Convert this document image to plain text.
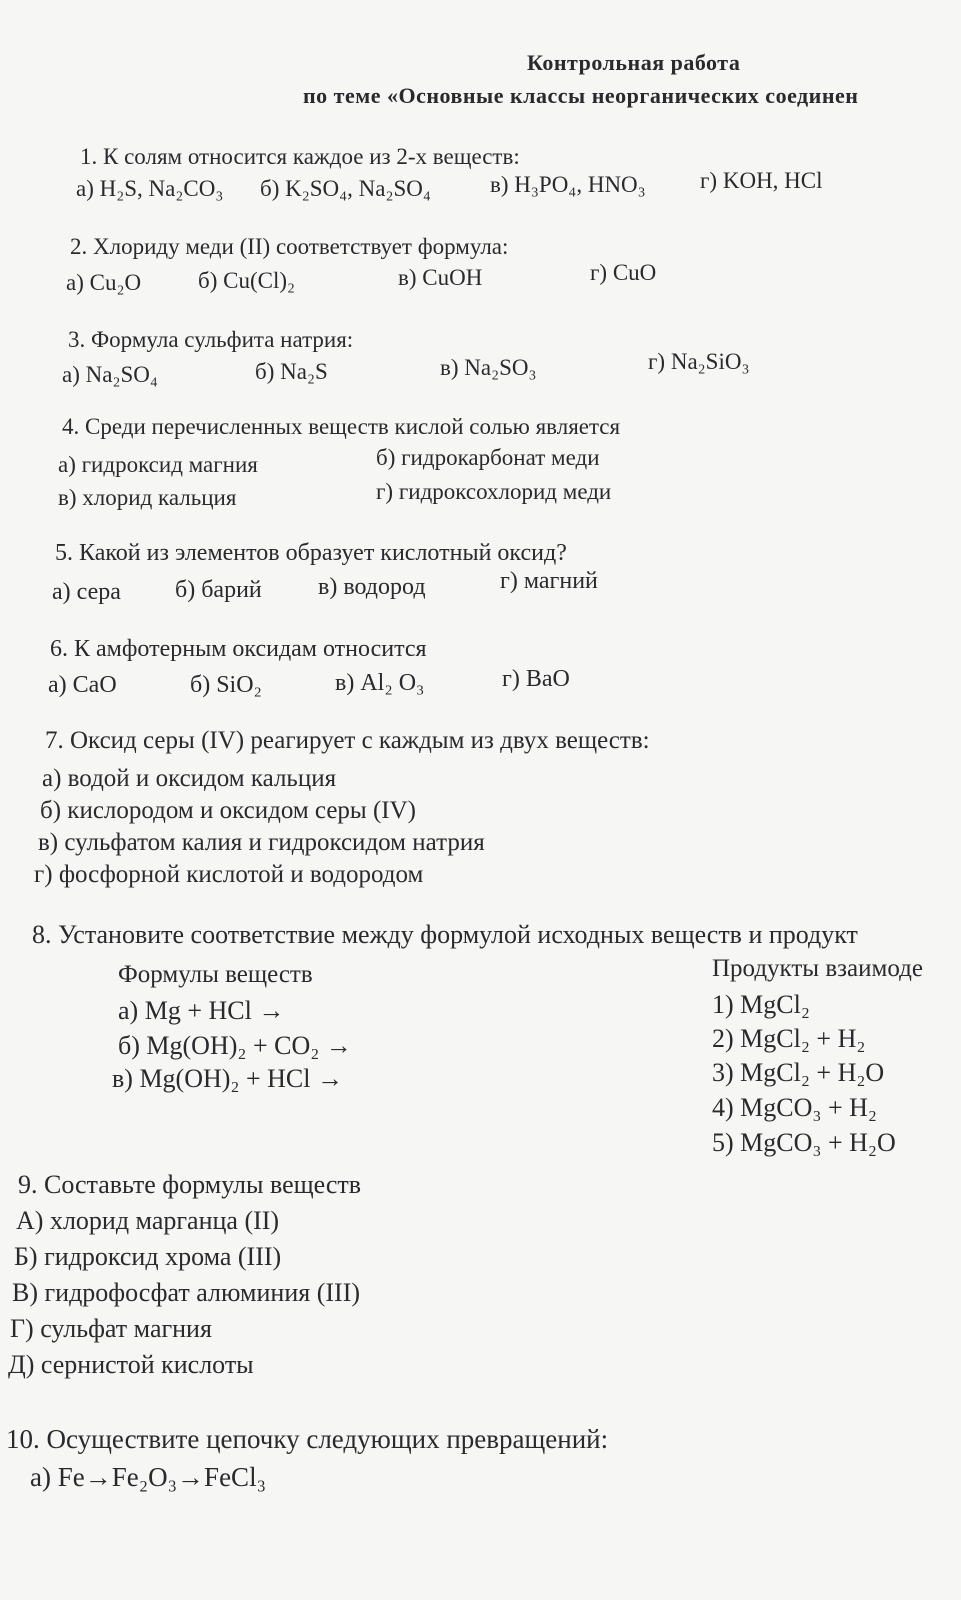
Контрольная работа
по теме «Основные классы неорганических соединен
1. К солям относится каждое из 2-х веществ:
а) H₂S, Na₂CO₃ б) K₂SO₄, Na₂SO₄	в) H₃PO₄, HNO₃ г) KOH, HCl
2. Хлориду меди (II) соответствует формула:
а) Cu₂O б) Cu(Cl)₂	в) CuOH	г) CuO
3. Формула сульфита натрия:
а) Na₂SO₄	б) Na₂S	в) Na₂SO₃	г) Na₂SiO₃
4. Среди перечисленных веществ кислой солью является
а) гидроксид магния	б) гидрокарбонат меди
в) хлорид кальция	г) гидроксохлорид меди
5. Какой из элементов образует кислотный оксид?
а) сера б) барий в) водород	г) магний
6. К амфотерным оксидам относится
а) CaO	б) SiO₂	в) Al₂ O₃	г) BaO
7. Оксид серы (IV) реагирует с каждым из двух веществ:
а) водой и оксидом кальция
б) кислородом и оксидом серы (IV)
в) сульфатом калия и гидроксидом натрия
г) фосфорной кислотой и водородом
8. Установите соответствие между формулой исходных веществ и продукт
Формулы веществ	Продукты взаимоде
а) Mg + HCl →
б) Mg(OH)₂ + CO₂ →
в) Mg(OH)₂ + HCl →
1) MgCl₂
2) MgCl₂ + H₂
3) MgCl₂ + H₂O
4) MgCO₃ + H₂
5) MgCO₃ + H₂O
9. Составьте формулы веществ
А) хлорид марганца (II)
Б) гидроксид хрома (III)
В) гидрофосфат алюминия (III)
Г) сульфат магния
Д) сернистой кислоты
10. Осуществите цепочку следующих превращений:
а) Fe→Fe₂O₃→FeCl₃
